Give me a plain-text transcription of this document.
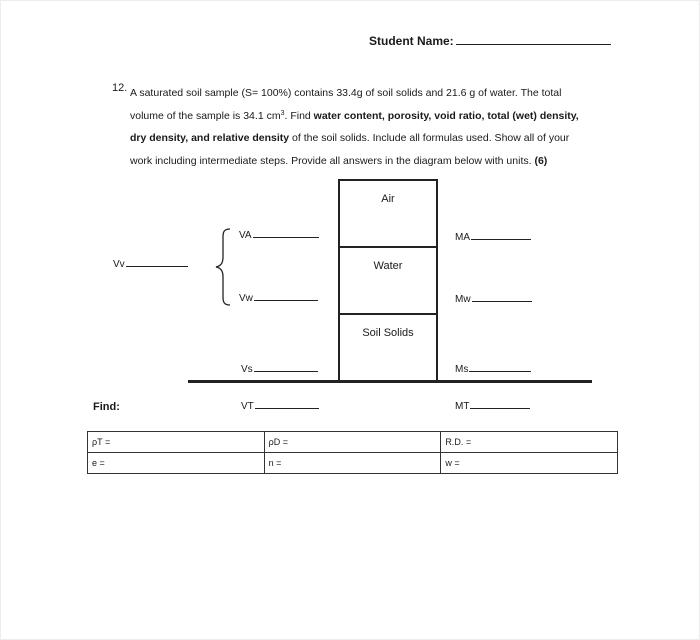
Student Name:
12. A saturated soil sample (S= 100%) contains 33.4g of soil solids and 21.6 g of water. The total

volume of the sample is 34.1 $cm^3$. Find water content, porosity, void ratio, total (wet) density,

dry density, and relative density of the soil solids. Include all formulas used. Show all of your

work including intermediate steps. Provide all answers in the diagram below with units. (6)

Air
Water
Soil Solids
Vv
VA
Vw
Vs
VT
MA
Mw
Ms
MT
Find:
ρT =	ρD =	R.D. =
e =	n =	w =
